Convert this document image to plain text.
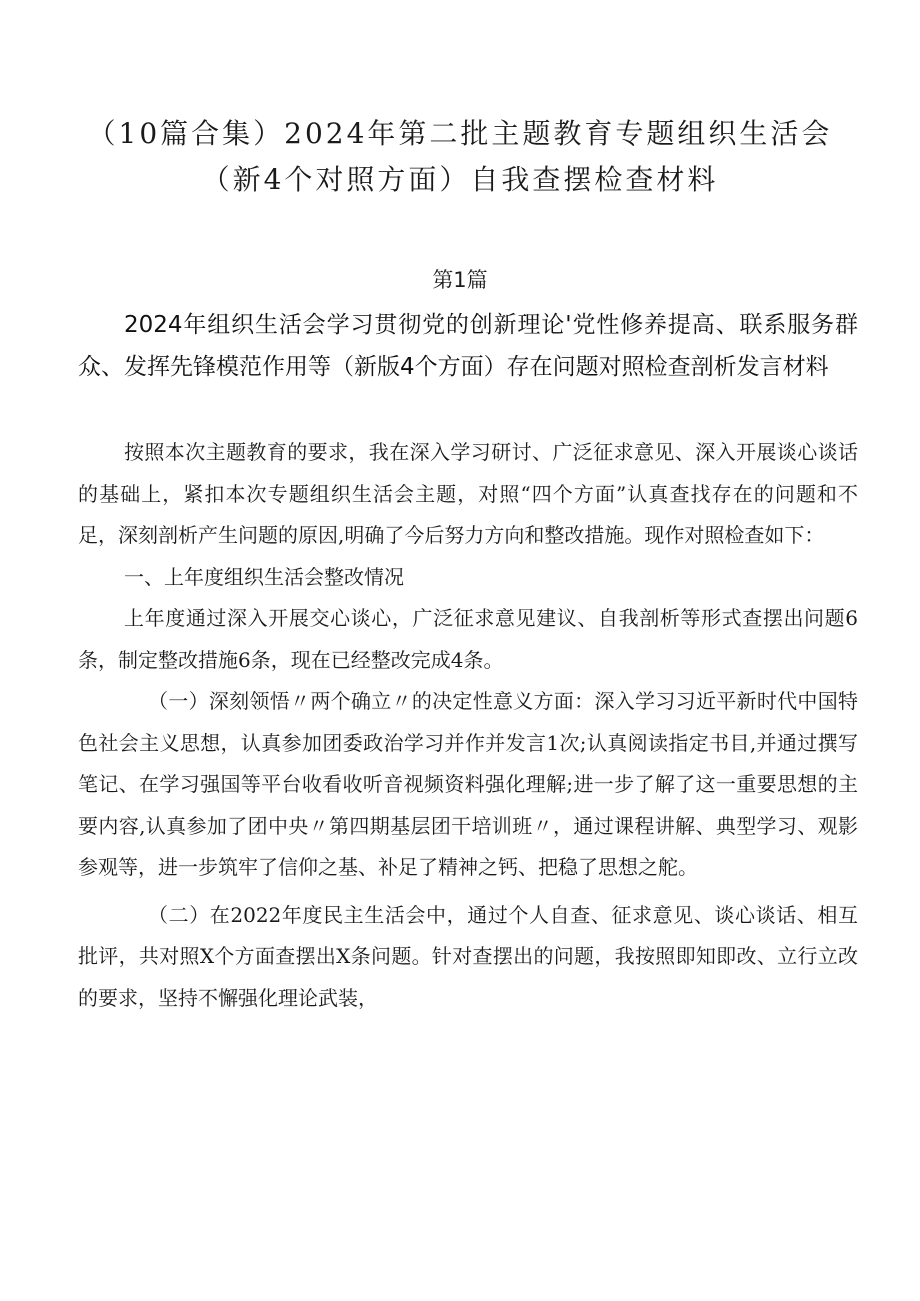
（10篇合集）2024年第二批主题教育专题组织生活会
（新4个对照方面）自我查摆检查材料
第1篇
2024年组织生活会学习贯彻党的创新理论'党性修养提高、联系服务群众、发挥先锋模范作用等（新版4个方面）存在问题对照检查剖析发言材料

按照本次主题教育的要求，我在深入学习研讨、广泛征求意见、深入开展谈心谈话的基础上，紧扣本次专题组织生活会主题，对照“四个方面”认真查找存在的问题和不足，深刻剖析产生问题的原因,明确了今后努力方向和整改措施。现作对照检查如下：

一、上年度组织生活会整改情况

上年度通过深入开展交心谈心，广泛征求意见建议、自我剖析等形式查摆出问题6条，制定整改措施6条，现在已经整改完成4条。

（一）深刻领悟〃两个确立〃的决定性意义方面：深入学习习近平新时代中国特色社会主义思想，认真参加团委政治学习并作并发言1次;认真阅读指定书目,并通过撰写笔记、在学习强国等平台收看收听音视频资料强化理解;进一步了解了这一重要思想的主要内容,认真参加了团中央〃第四期基层团干培训班〃，通过课程讲解、典型学习、观影参观等，进一步筑牢了信仰之基、补足了精神之钙、把稳了思想之舵。

（二）在2022年度民主生活会中，通过个人自查、征求意见、谈心谈话、相互批评，共对照X个方面查摆出X条问题。针对查摆出的问题，我按照即知即改、立行立改的要求，坚持不懈强化理论武装，
